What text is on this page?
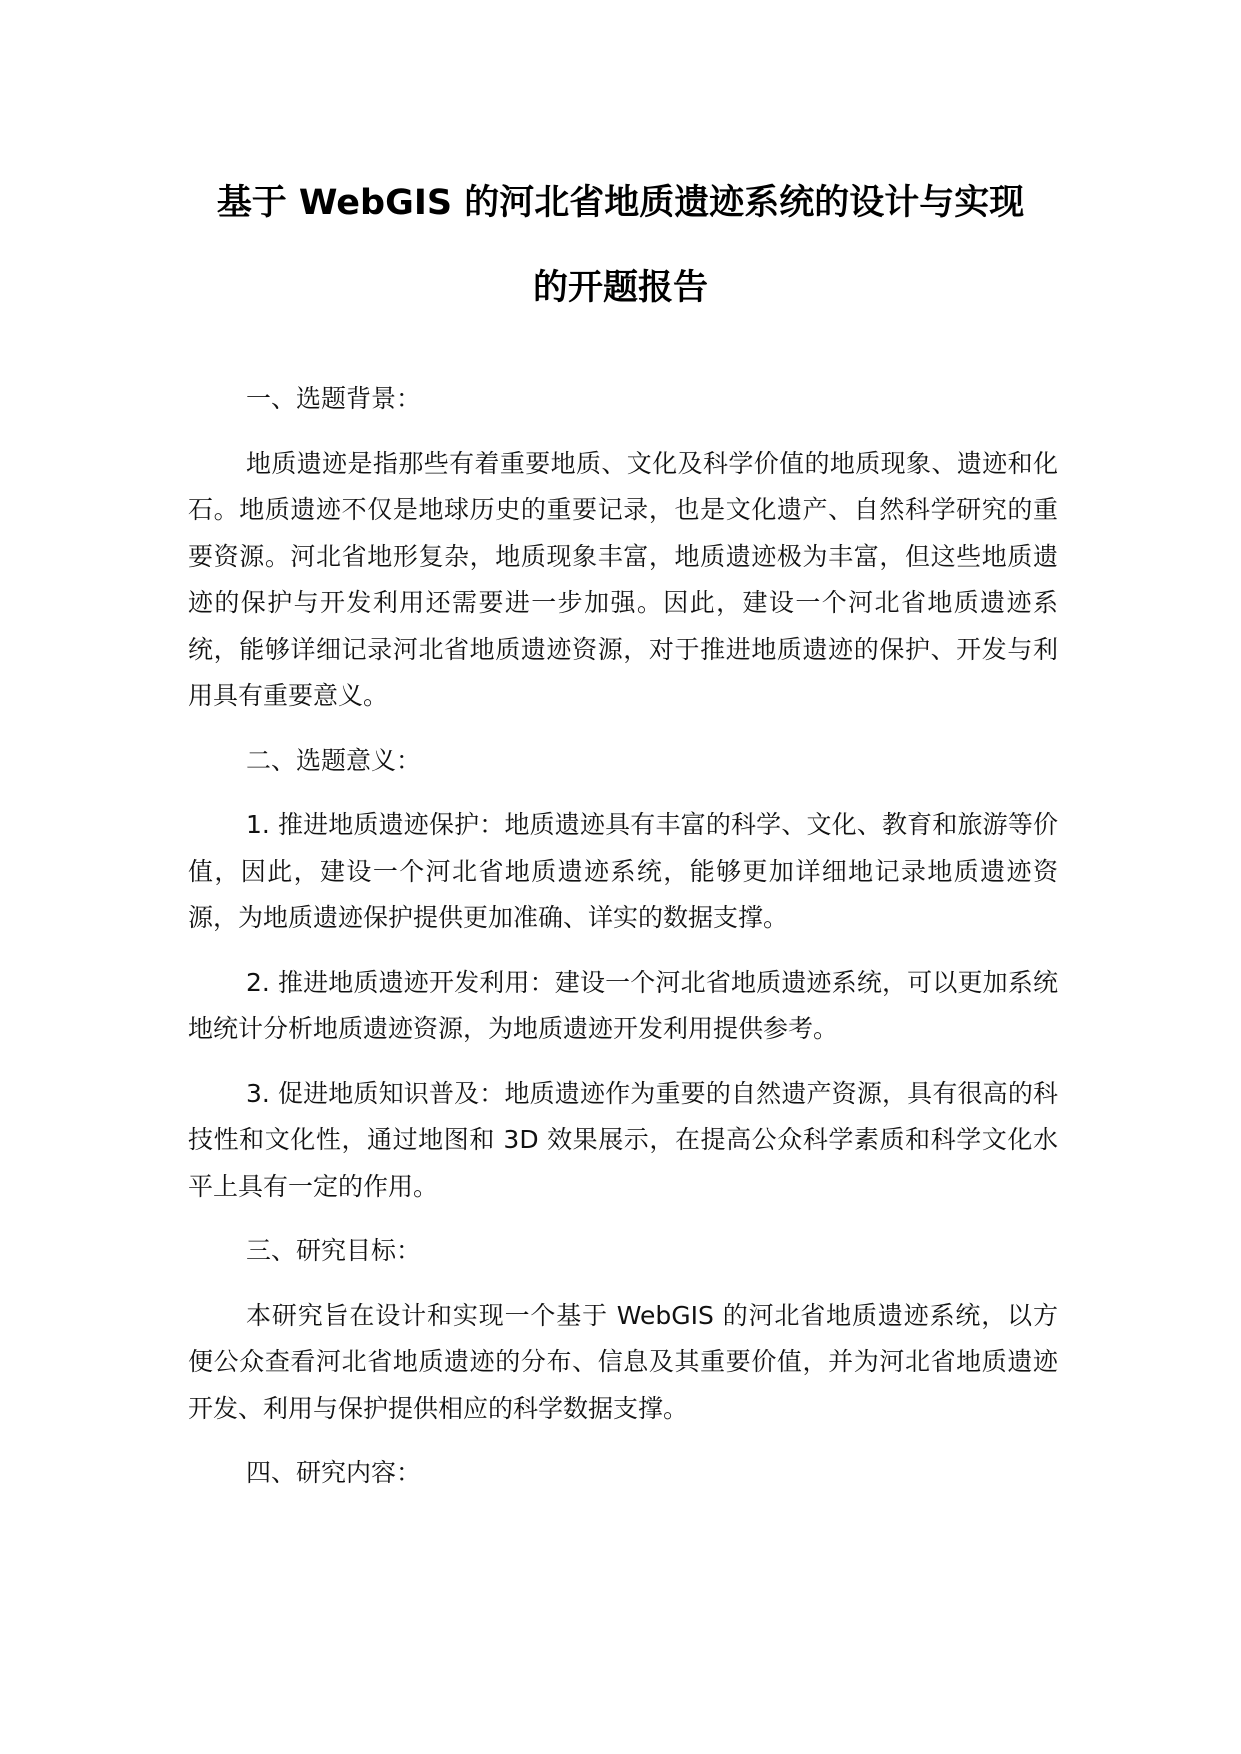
基于 WebGIS 的河北省地质遗迹系统的设计与实现
的开题报告

一、选题背景：

地质遗迹是指那些有着重要地质、文化及科学价值的地质现象、遗迹和化石。地质遗迹不仅是地球历史的重要记录，也是文化遗产、自然科学研究的重要资源。河北省地形复杂，地质现象丰富，地质遗迹极为丰富，但这些地质遗迹的保护与开发利用还需要进一步加强。因此，建设一个河北省地质遗迹系统，能够详细记录河北省地质遗迹资源，对于推进地质遗迹的保护、开发与利用具有重要意义。

二、选题意义：

1. 推进地质遗迹保护：地质遗迹具有丰富的科学、文化、教育和旅游等价值，因此，建设一个河北省地质遗迹系统，能够更加详细地记录地质遗迹资源，为地质遗迹保护提供更加准确、详实的数据支撑。

2. 推进地质遗迹开发利用：建设一个河北省地质遗迹系统，可以更加系统地统计分析地质遗迹资源，为地质遗迹开发利用提供参考。

3. 促进地质知识普及：地质遗迹作为重要的自然遗产资源，具有很高的科技性和文化性，通过地图和 3D 效果展示，在提高公众科学素质和科学文化水平上具有一定的作用。

三、研究目标：

本研究旨在设计和实现一个基于 WebGIS 的河北省地质遗迹系统，以方便公众查看河北省地质遗迹的分布、信息及其重要价值，并为河北省地质遗迹开发、利用与保护提供相应的科学数据支撑。

四、研究内容：
